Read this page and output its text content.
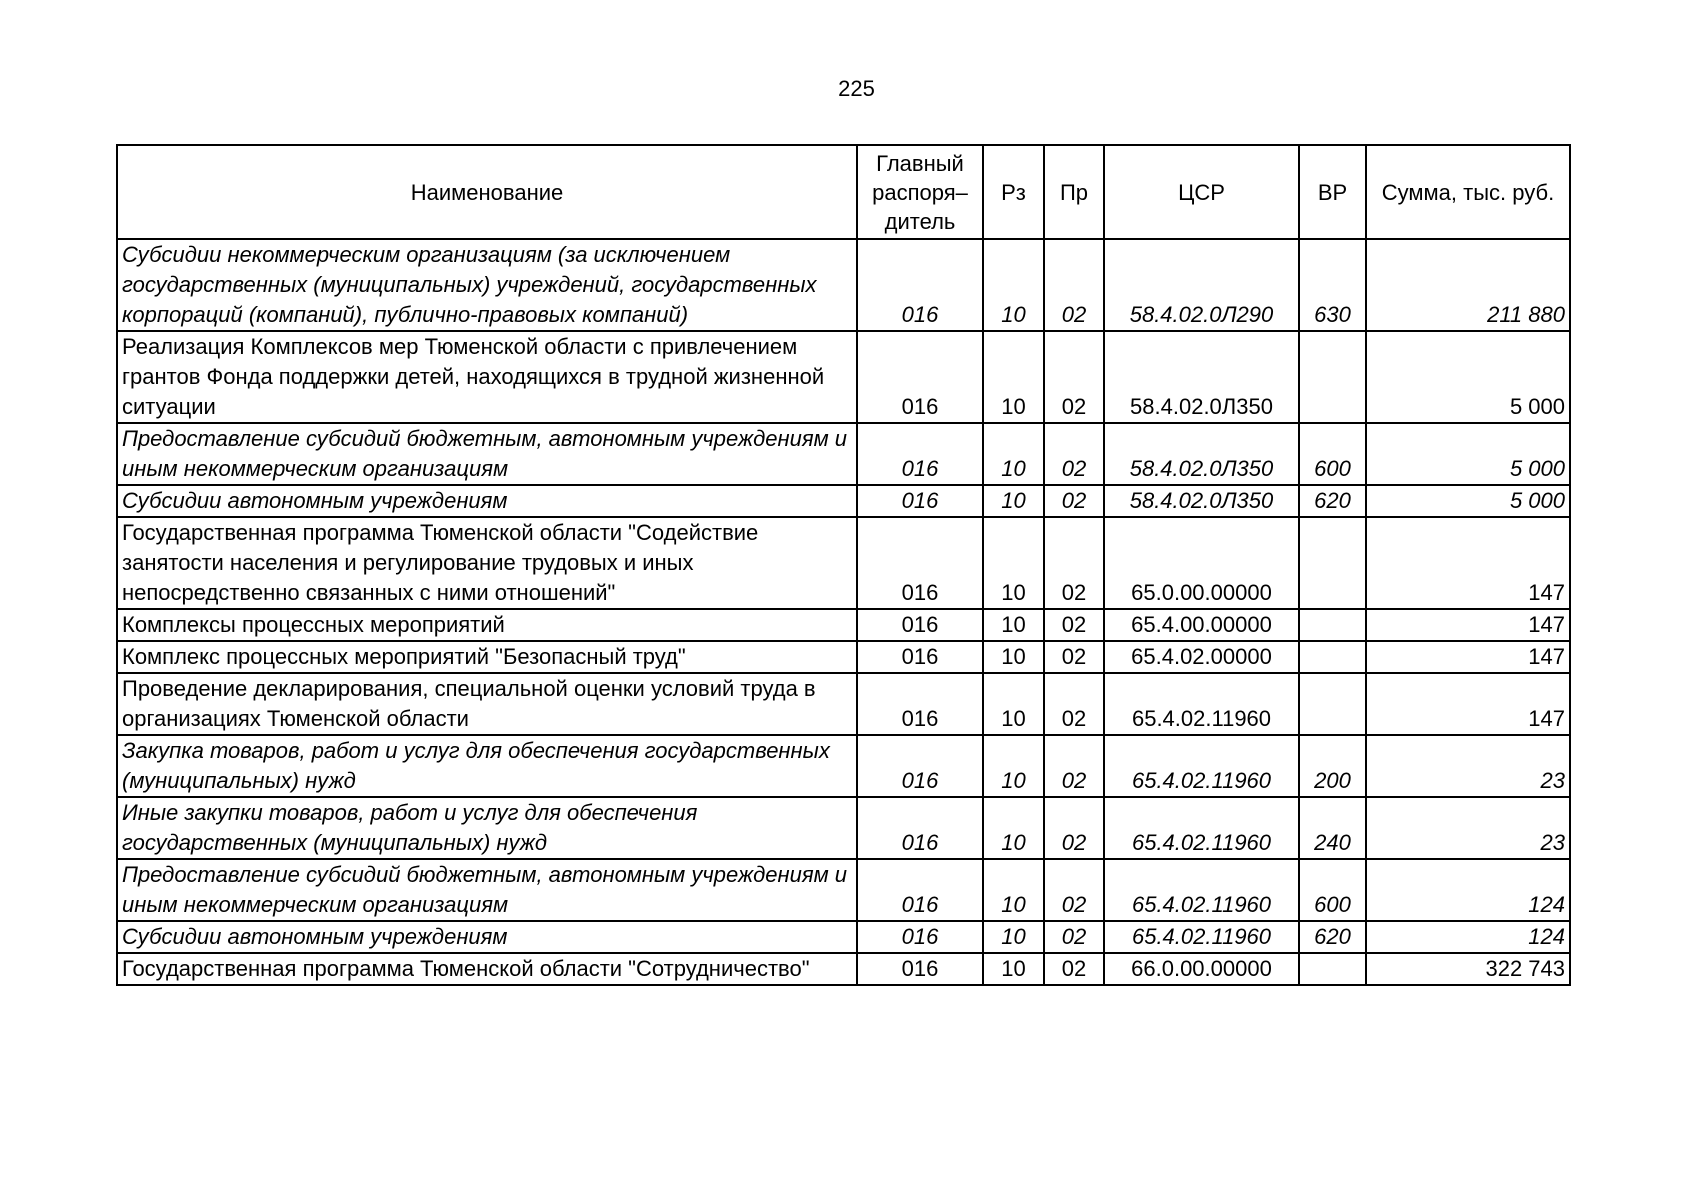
225
Наименование	Главный распоря– дитель	Рз	Пр	ЦСР	ВР	Сумма, тыс. руб.
Субсидии некоммерческим организациям (за исключением государственных (муниципальных) учреждений, государственных корпораций (компаний), публично-правовых компаний)	016	10	02	58.4.02.0Л290	630	211 880
Реализация Комплексов мер Тюменской области с привлечением грантов Фонда поддержки детей, находящихся в трудной жизненной ситуации	016	10	02	58.4.02.0Л350		5 000
Предоставление субсидий бюджетным, автономным учреждениям и иным некоммерческим организациям	016	10	02	58.4.02.0Л350	600	5 000
Субсидии автономным учреждениям	016	10	02	58.4.02.0Л350	620	5 000
Государственная программа Тюменской области "Содействие занятости населения и регулирование трудовых и иных непосредственно связанных с ними отношений"	016	10	02	65.0.00.00000		147
Комплексы процессных мероприятий	016	10	02	65.4.00.00000		147
Комплекс процессных мероприятий "Безопасный труд"	016	10	02	65.4.02.00000		147
Проведение декларирования, специальной оценки условий труда в организациях Тюменской области	016	10	02	65.4.02.11960		147
Закупка товаров, работ и услуг для обеспечения государственных (муниципальных) нужд	016	10	02	65.4.02.11960	200	23
Иные закупки товаров, работ и услуг для обеспечения государственных (муниципальных) нужд	016	10	02	65.4.02.11960	240	23
Предоставление субсидий бюджетным, автономным учреждениям и иным некоммерческим организациям	016	10	02	65.4.02.11960	600	124
Субсидии автономным учреждениям	016	10	02	65.4.02.11960	620	124
Государственная программа Тюменской области "Сотрудничество"	016	10	02	66.0.00.00000		322 743
